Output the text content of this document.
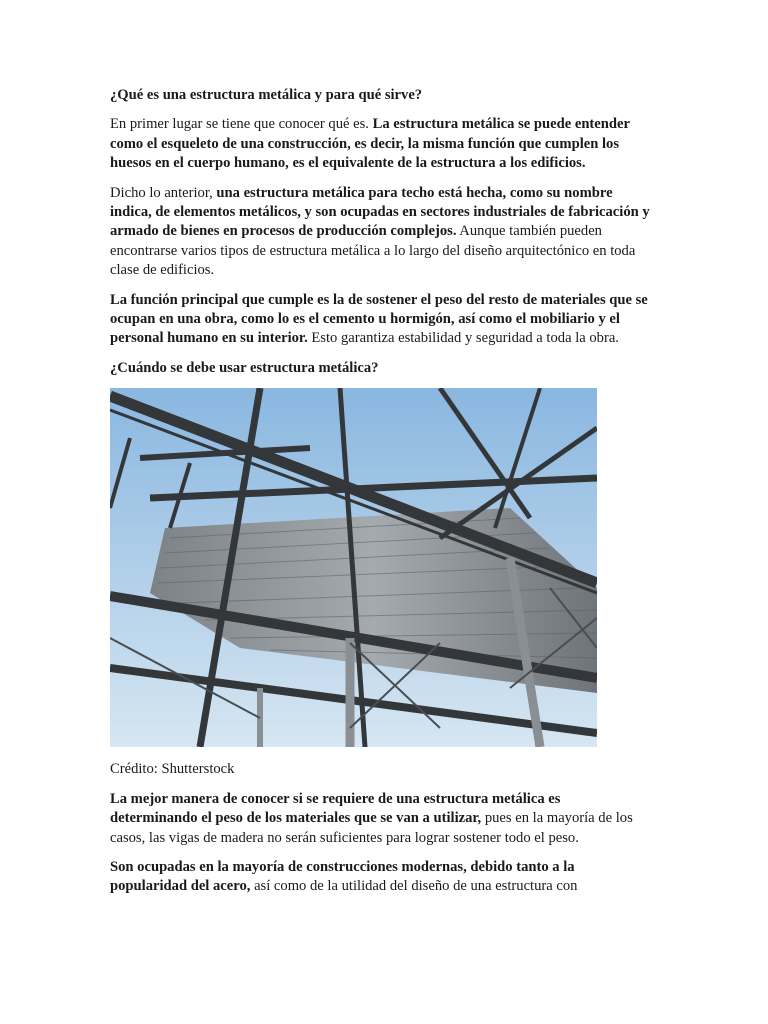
¿Qué es una estructura metálica y para qué sirve?

En primer lugar se tiene que conocer qué es. La estructura metálica se puede entender como el esqueleto de una construcción, es decir, la misma función que cumplen los huesos en el cuerpo humano, es el equivalente de la estructura a los edificios.

Dicho lo anterior, una estructura metálica para techo está hecha, como su nombre indica, de elementos metálicos, y son ocupadas en sectores industriales de fabricación y armado de bienes en procesos de producción complejos. Aunque también pueden encontrarse varios tipos de estructura metálica a lo largo del diseño arquitectónico en toda clase de edificios.

La función principal que cumple es la de sostener el peso del resto de materiales que se ocupan en una obra, como lo es el cemento u hormigón, así como el mobiliario y el personal humano en su interior. Esto garantiza estabilidad y seguridad a toda la obra.

¿Cuándo se debe usar estructura metálica?
Crédito: Shutterstock

La mejor manera de conocer si se requiere de una estructura metálica es determinando el peso de los materiales que se van a utilizar, pues en la mayoría de los casos, las vigas de madera no serán suficientes para lograr sostener todo el peso.

Son ocupadas en la mayoría de construcciones modernas, debido tanto a la popularidad del acero, así como de la utilidad del diseño de una estructura con
